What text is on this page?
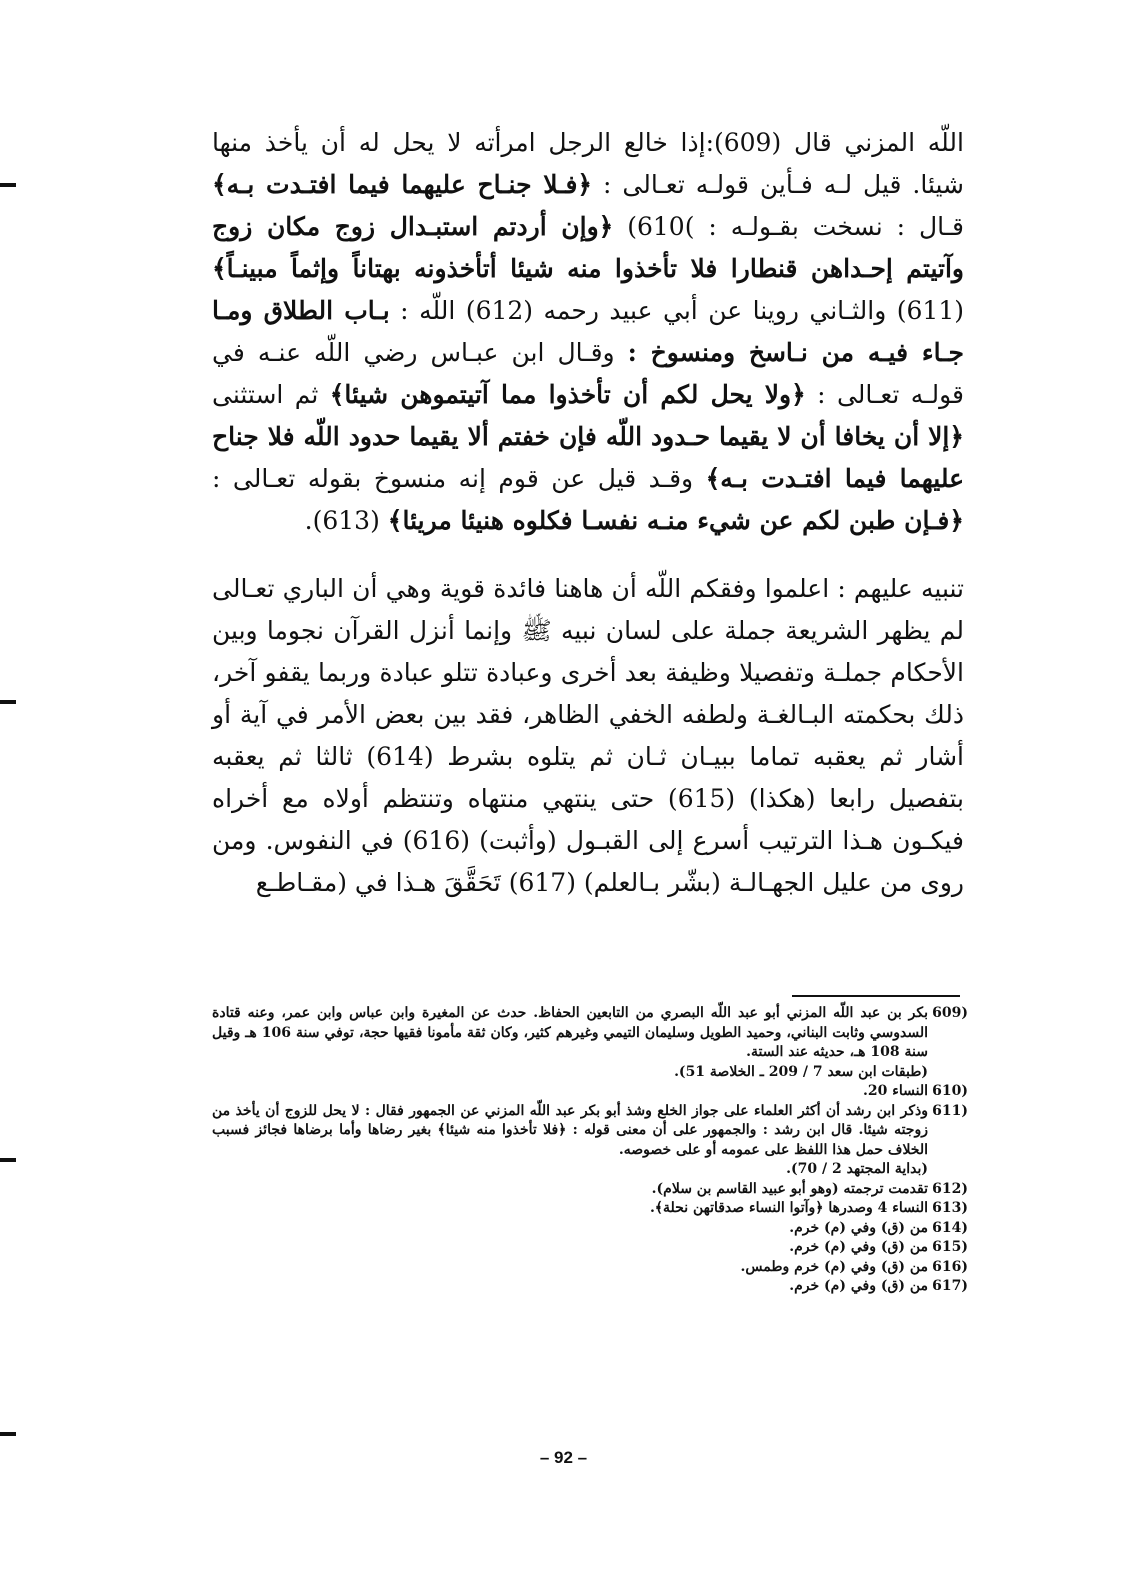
اللّه المزني قال (609):إذا خالع الرجل امرأته لا يحل له أن يأخذ منها شيئا. قيل لـه فـأين قولـه تعـالى : ﴿فـلا جنـاح عليهما فيما افتـدت بـه﴾ قـال : نسخت بقـولـه : )610) ﴿وإن أردتم استبـدال زوج مكان زوج وآتيتم إحـداهن قنطارا فلا تأخذوا منه شيئا أتأخذونه بهتاناً وإثماً مبينـاً﴾ (611) والثـاني روينا عن أبي عبيد رحمه (612) اللّه : بـاب الطلاق ومـا جـاء فيـه من نـاسخ ومنسوخ : وقـال ابن عبـاس رضي اللّه عنـه في قولـه تعـالى : ﴿ولا يحل لكم أن تأخذوا مما آتيتموهن شيئا﴾ ثم استثنى ﴿إلا أن يخافا أن لا يقيما حـدود اللّه فإن خفتم ألا يقيما حدود اللّه فلا جناح عليهما فيما افتـدت بـه﴾ وقـد قيل عن قوم إنه منسوخ بقوله تعـالى : ﴿فـإن طبن لكم عن شيء منـه نفسـا فكلوه هنيئا مريئا﴾ (613).

تنبيه عليهم : اعلموا وفقكم اللّه أن هاهنا فائدة قوية وهي أن الباري تعـالى لم يظهر الشريعة جملة على لسان نبيه ﷺ وإنما أنزل القرآن نجوما وبين الأحكام جملـة وتفصيلا وظيفة بعد أخرى وعبادة تتلو عبادة وربما يقفو آخر، ذلك بحكمته البـالغـة ولطفه الخفي الظاهر، فقد بين بعض الأمر في آية أو أشار ثم يعقبه تماما ببيـان ثـان ثم يتلوه بشرط (614) ثالثا ثم يعقبه بتفصيل رابعا (هكذا) (615) حتى ينتهي منتهاه وتنتظم أولاه مع أخراه فيكـون هـذا الترتيب أسرع إلى القبـول (وأثبت) (616) في النفوس. ومن روى من عليل الجهـالـة (بشّر بـالعلم) (617) تَحَقَّقَ هـذا في (مقـاطـع

(609
بكر بن عبد اللّه المزني أبو عبد اللّه البصري من التابعين الحفاظ. حدث عن المغيرة وابن عباس وابن عمر، وعنه قتادة السدوسي وثابت البناني، وحميد الطويل وسليمان التيمي وغيرهم كثير، وكان ثقة مأمونا فقيها حجة، توفي سنة 106 هـ وقيل سنة 108 هـ، حديثه عند الستة.
(طبقات ابن سعد 7 / 209 ـ الخلاصة 51).
(610
النساء 20.
(611
وذكر ابن رشد أن أكثر العلماء على جواز الخلع وشذ أبو بكر عبد اللّه المزني عن الجمهور فقال : لا يحل للزوج أن يأخذ من زوجته شيئا. قال ابن رشد : والجمهور على أن معنى قوله : ﴿فلا تأخذوا منه شيئا﴾ بغير رضاها وأما برضاها فجائز فسبب الخلاف حمل هذا اللفظ على عمومه أو على خصوصه.
(بداية المجتهد 2 / 70).
(612
تقدمت ترجمته (وهو أبو عبيد القاسم بن سلام).
(613
النساء 4 وصدرها ﴿وآتوا النساء صدقاتهن نحلة﴾.
(614
من (ق) وفي (م) خرم.
(615
من (ق) وفي (م) خرم.
(616
من (ق) وفي (م) خرم وطمس.
(617
من (ق) وفي (م) خرم.
– 92 –
